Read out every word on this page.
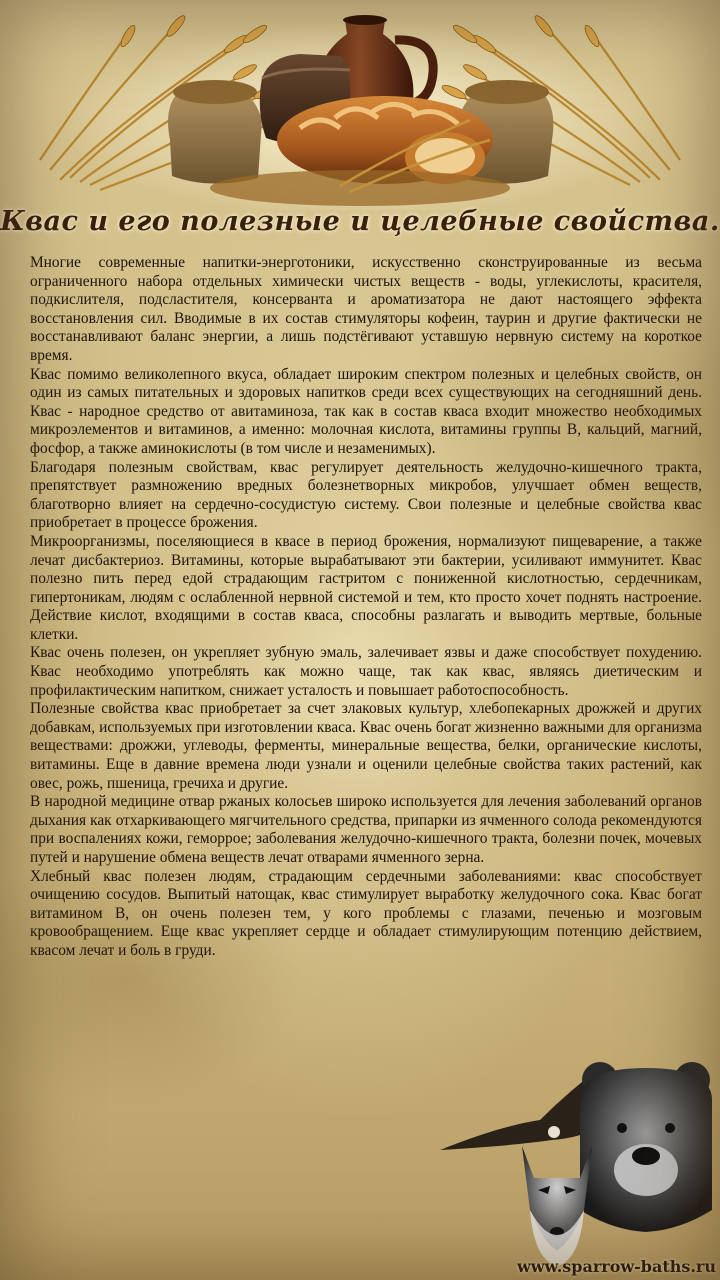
Квас и его полезные и целебные свойства.

Многие современные напитки-энерготоники, искусственно сконструированные из весьма ограниченного набора отдельных химически чистых веществ - воды, углекислоты, красителя, подкислителя, подсластителя, консерванта и ароматизатора не дают настоящего эффекта восстановления сил. Вводимые в их состав стимуляторы кофеин, таурин и другие фактически не восстанавливают баланс энергии, а лишь подстёгивают уставшую нервную систему на короткое время.

Квас помимо великолепного вкуса, обладает широким спектром полезных и целебных свойств, он один из самых питательных и здоровых напитков среди всех существующих на сегодняшний день. Квас - народное средство от авитаминоза, так как в состав кваса входит множество необходимых микроэлементов и витаминов, а именно: молочная кислота, витамины группы В, кальций, магний, фосфор, а также аминокислоты (в том числе и незаменимых).

Благодаря полезным свойствам, квас регулирует деятельность желудочно-кишечного тракта, препятствует размножению вредных болезнетворных микробов, улучшает обмен веществ, благотворно влияет на сердечно-сосудистую систему. Свои полезные и целебные свойства квас приобретает в процессе брожения.

Микроорганизмы, поселяющиеся в квасе в период брожения, нормализуют пищеварение, а также лечат дисбактериоз. Витамины, которые вырабатывают эти бактерии, усиливают иммунитет. Квас полезно пить перед едой страдающим гастритом с пониженной кислотностью, сердечникам, гипертоникам, людям с ослабленной нервной системой и тем, кто просто хочет поднять настроение. Действие кислот, входящими в состав кваса, способны разлагать и выводить мертвые, больные клетки.

Квас очень полезен, он укрепляет зубную эмаль, залечивает язвы и даже способствует похудению. Квас необходимо употреблять как можно чаще, так как квас, являясь диетическим и профилактическим напитком, снижает усталость и повышает работоспособность.

Полезные свойства квас приобретает за счет злаковых культур, хлебопекарных дрожжей и других добавкам, используемых при изготовлении кваса. Квас очень богат жизненно важными для организма веществами: дрожжи, углеводы, ферменты, минеральные вещества, белки, органические кислоты, витамины. Еще в давние времена люди узнали и оценили целебные свойства таких растений, как овес, рожь, пшеница, гречиха и другие.

В народной медицине отвар ржаных колосьев широко используется для лечения заболеваний органов дыхания как отхаркивающего мягчительного средства, припарки из ячменного солода рекомендуются при воспалениях кожи, геморрое; заболевания желудочно-кишечного тракта, болезни почек, мочевых путей и нарушение обмена веществ лечат отварами ячменного зерна.

Хлебный квас полезен людям, страдающим сердечными заболеваниями: квас способствует очищению сосудов. Выпитый натощак, квас стимулирует выработку желудочного сока. Квас богат витамином В, он очень полезен тем, у кого проблемы с глазами, печенью и мозговым кровообращением. Еще квас укрепляет сердце и обладает стимулирующим потенцию действием, квасом лечат и боль в груди.

www.sparrow-baths.ru
